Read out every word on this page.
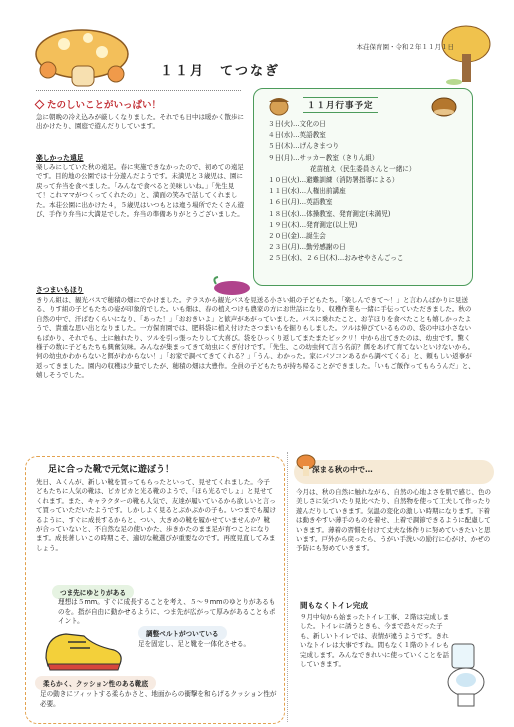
本荘保育園・令和２年１１月１日
１１月　てつなぎ
たのしいことがいっぱい！
急に朝晩の冷え込みが厳しくなりました。それでも日中は暖かく散歩に出かけたり、園庭で遊んだりしています。
楽しかった遠足
楽しみにしていた秋の遠足。春に実施できなかったので、初めての遠足です。目的地の公園では十分遊んだようです。未満児と３歳児は、園に戻って弁当を食べました。「みんなで食べると美味しいね。」「先生見て！これママがつくってくれたの」と、満面の笑みで話してくれました。本荘公園に出かけた４，５歳児はいつもとは違う場所でたくさん遊び、手作り弁当に大満足でした。弁当の準備ありがとうございました。
さつまいもほり
きりん組は、観光バスで穂積の畑にでかけました。テラスから観光バスを見送る小さい組の子どもたち。「楽しんできて～！」と言わんばかりに見送る、りす組の子どもたちの姿が印象的でした。いも畑は、春の植えつけも農家の方にお世話になり、収穫作業も一緒に手伝っていただきました。秋の自然の中で、汗ばむくらいになり、「あった！」「おおきいよ」と歓声があがっていました。バスに乗れたこと、お芋ほりを食べたことも嬉しかったようで、貴重な思い出となりました。一方保育園では、肥料袋に植え付けたさつまいもを掘りもしました。ツルは伸びているものの、袋の中は小さないもばかり、それでも、土に触れたり、ツルを引っ張ったりして大喜び。袋をひっくり返してまたまたビックリ！中から出てきたのは、幼虫です。驚く様子の数に子どもたちも興奮気味。みんなが集まってきて幼虫にくぎ付けです。「先生、この幼虫何て言う名前？餌をあげて育てないといけないから。何の幼虫かわからないと餌がわからない！」「お家で調べてきてくれる？」「うん、わかった。家にパソコンあるから調べてくる」と、頼もしい返事が返ってきました。園内の収穫は少量でしたが、穂積の畑は大豊作。全員の子どもたちが持ち帰ることができました。「いもご飯作ってもらうんだ」と、嬉しそうでした。
１１月行事予定
３日(火)…文化の日
４日(水)…英語教室
５日(木)…げんきまつり
９日(月)…サッカー教室（きりん組）
花苗植え（民生委員さんと一緒に）
１０日(火)…避難訓練（消防署指導による）
１１日(水)…人権出前講座
１６日(月)…英語教室
１８日(水)…体操教室、発育測定(未満児)
１９日(木)…発育測定(以上児)
２０日(金)…誕生会
２３日(月)…勤労感謝の日
２５日(水)、２６日(木)…おみせやさんごっこ
足に合った靴で元気に遊ぼう！
先日、Ａくんが、新しい靴を買ってもらったといって、見せてくれました。今子どもたちに人気の靴は、ピカピカと光る靴のようで、「ほら光るでしょ」と見せてくれます。また、キャラクターの靴も人気で、友達が履いているから欲しいと言って買っていただいたようです。しかしよく見るとぶかぶかの子も。いつまでも履けるように、すぐに成長するからと、つい、大きめの靴を履かせていませんか？靴が合っていないと、不自然な足の使いかた、歩きかたのまま足が育つことになります。成長著しいこの時期こそ、適切な靴選びが重要なのです。再度見直してみましょう。
つま先にゆとりがある
理想は５mm。すぐに成長することを考え、５～９mmのゆとりがあるものを。指が自由に動かせるように、つま先が広がって厚みがあることもポイント。
調整ベルトがついている
足を固定し、足と靴を一体化させる。
柔らかく、クッション性のある靴底
足の動きにフィットする柔らかさと、地面からの衝撃を和らげるクッション性が必要。
深まる秋の中で…
今月は、秋の自然に触れながら、自然の心地よさを肌で感じ、色の美しさに気づいたり見比べたり、自然物を使って工夫して作ったり遊んだりしていきます。気温の変化の激しい時期になります。下着は動きやすい薄手のものを着せ、上着で調節できるように配慮していきます。薄着の習慣を付けて丈夫な体作りに努めていきたいと思います。戸外から戻ったら、うがい手洗いの励行に心がけ、かぜの予防にも努めていきます。
間もなくトイレ完成
９月中旬から始まったトイレ工事、２階は完成しました。トイレに誘うときも、今まで恐々だった子も、新しいトイレでは、表情が違うようです。きれいなトイレは大事ですね。間もなく１階のトイレも完成します。みんなできれいに使っていくことを話していきます。
